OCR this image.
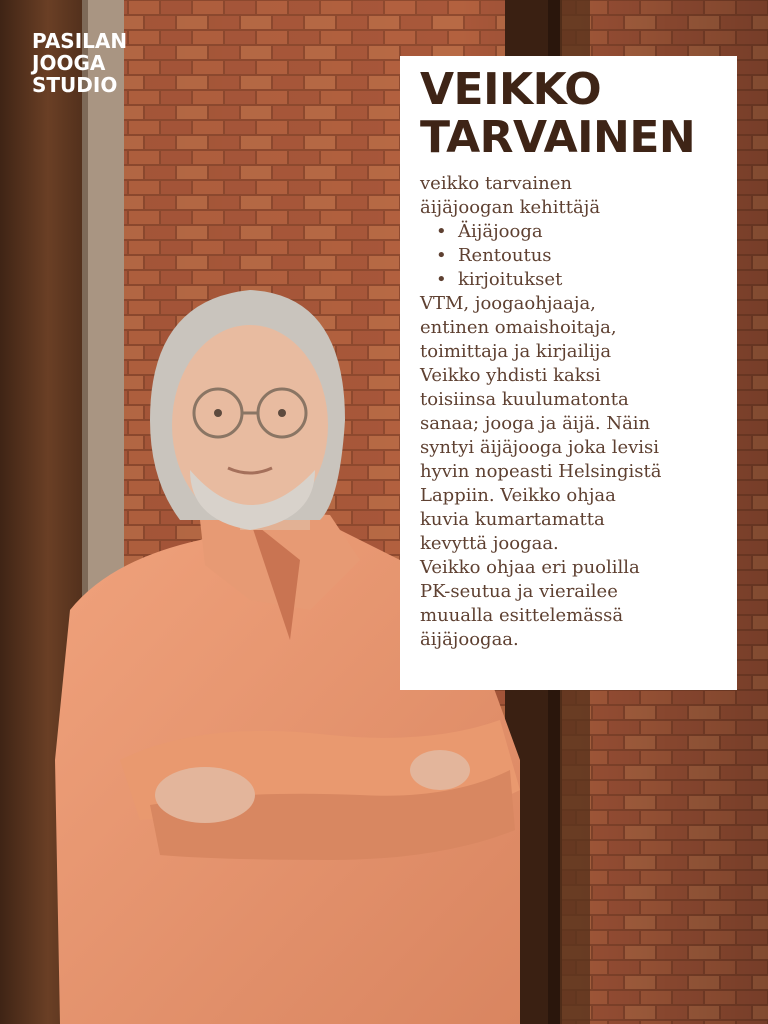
PASILAN
JOOGA
STUDIO	VEIKKO
TARVAINEN
veikko tarvainen
äijäjoogan kehittäjä
• Äijäjooga
• Rentoutus
• kirjoitukset
VTM, joogaohjaaja,
entinen omaishoitaja,
toimittaja ja kirjailija
Veikko yhdisti kaksi
toisiinsa kuulumatonta
sanaa; jooga ja äijä. Näin
syntyi äijäjooga joka levisi
hyvin nopeasti Helsingistä
Lappiin. Veikko ohjaa
kuvia kumartamatta
kevyttä joogaa.
Veikko ohjaa eri puolilla
PK-seutua ja vierailee
muualla esittelemässä
äijäjoogaa.
